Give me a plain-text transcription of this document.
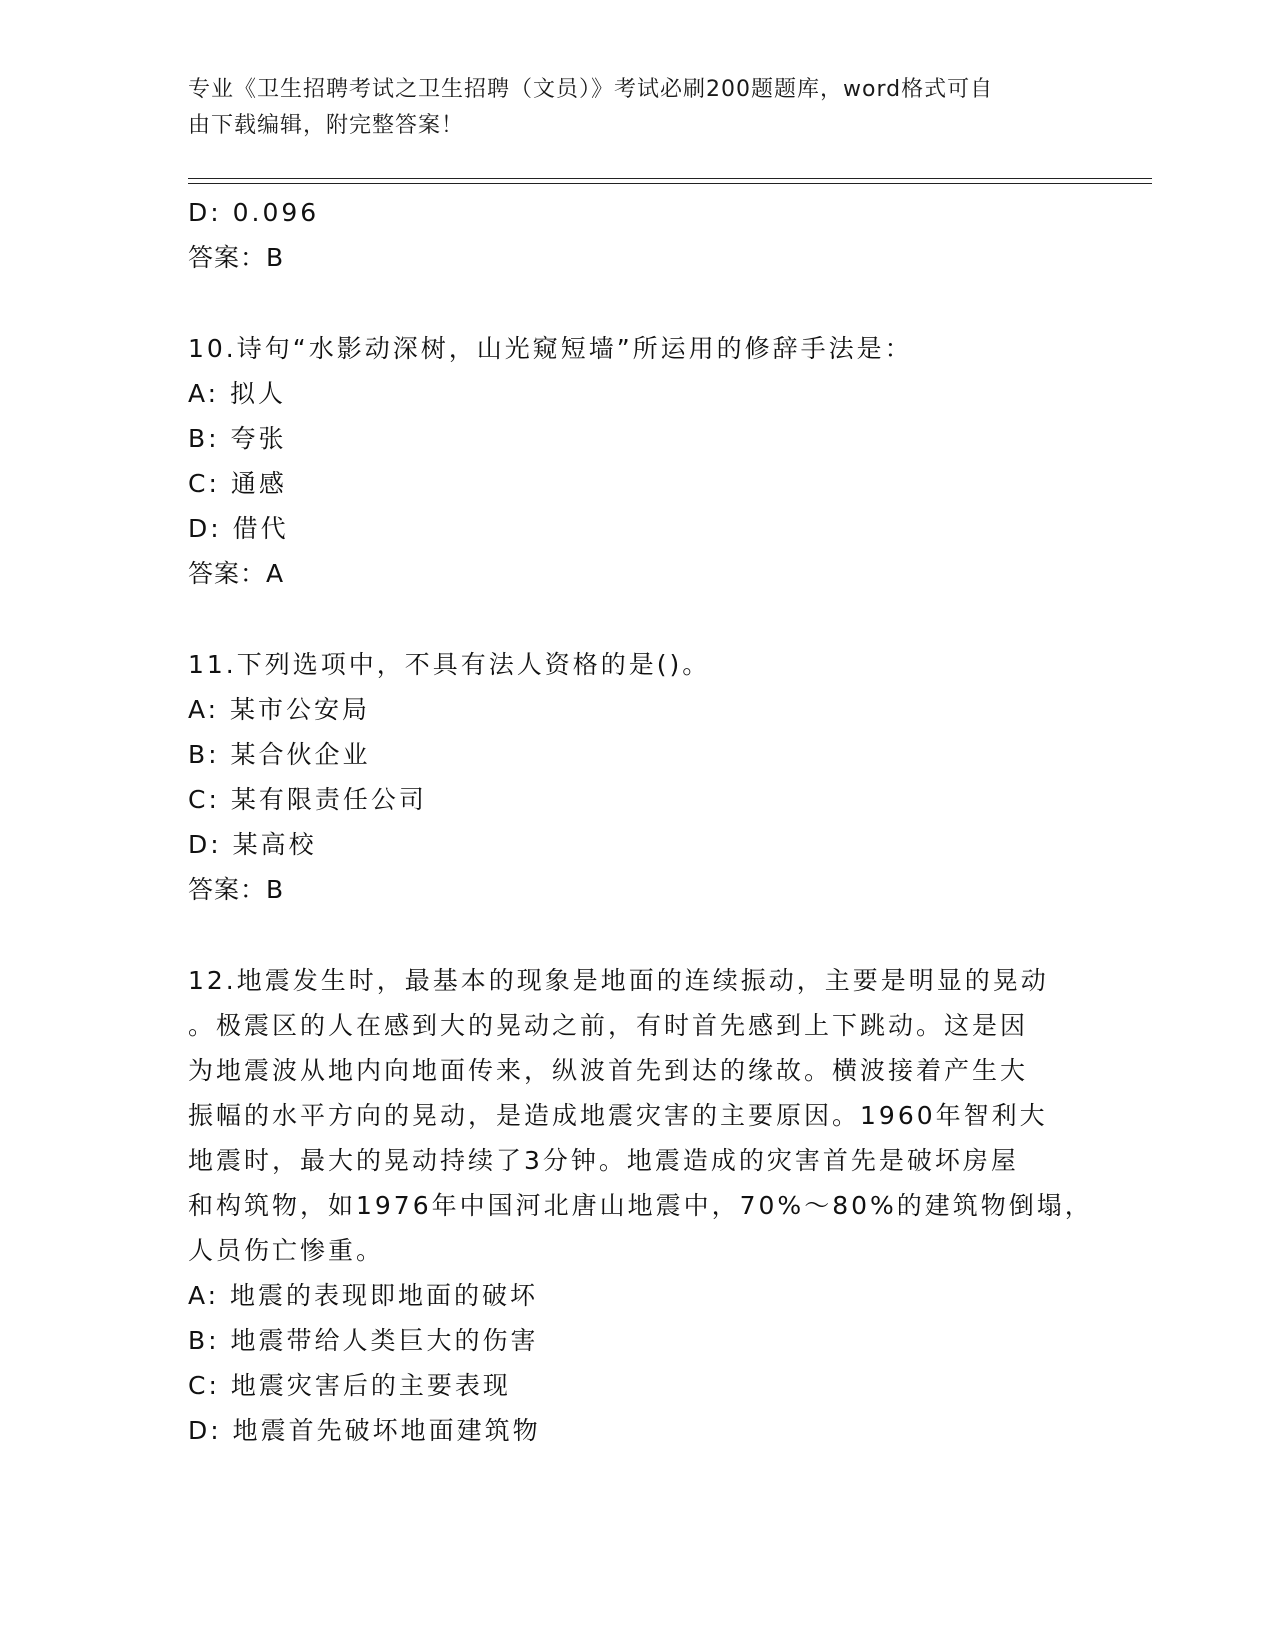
专业《卫生招聘考试之卫生招聘（文员）》考试必刷200题题库，word格式可自
由下载编辑，附完整答案！
D: 0.096
答案：B
10.诗句“水影动深树，山光窥短墙”所运用的修辞手法是：
A: 拟人
B: 夸张
C: 通感
D: 借代
答案：A
11.下列选项中，不具有法人资格的是()。
A: 某市公安局
B: 某合伙企业
C: 某有限责任公司
D: 某高校
答案：B
12.地震发生时，最基本的现象是地面的连续振动，主要是明显的晃动
。极震区的人在感到大的晃动之前，有时首先感到上下跳动。这是因
为地震波从地内向地面传来，纵波首先到达的缘故。横波接着产生大
振幅的水平方向的晃动，是造成地震灾害的主要原因。1960年智利大
地震时，最大的晃动持续了3分钟。地震造成的灾害首先是破坏房屋
和构筑物，如1976年中国河北唐山地震中，70%～80%的建筑物倒塌，
人员伤亡惨重。
A: 地震的表现即地面的破坏
B: 地震带给人类巨大的伤害
C: 地震灾害后的主要表现
D: 地震首先破坏地面建筑物
